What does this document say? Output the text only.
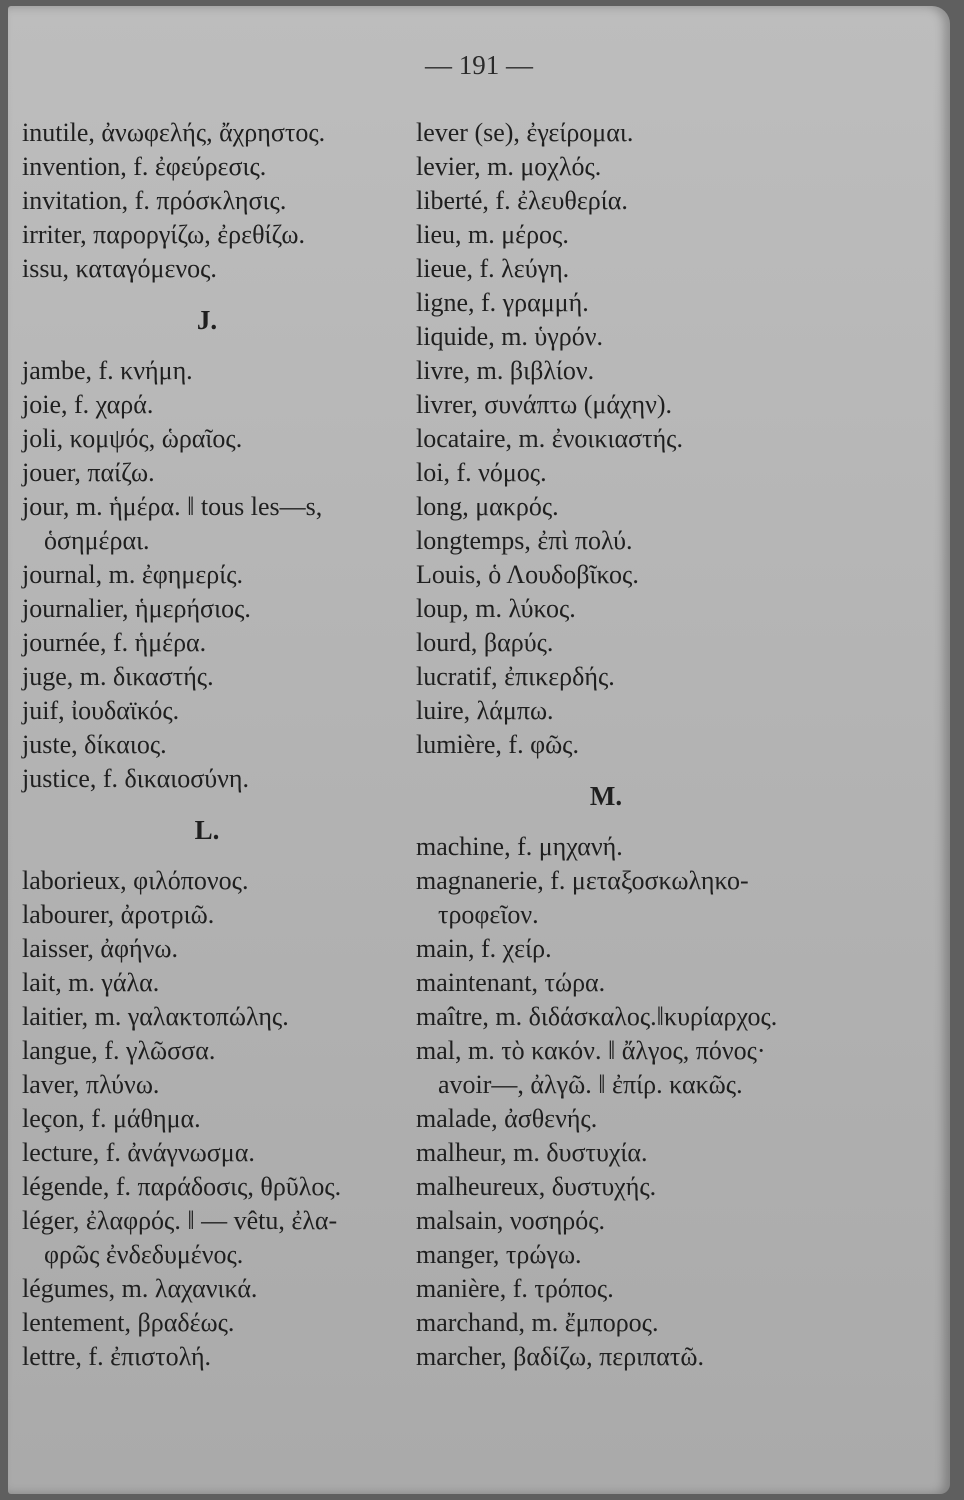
— 191 —
inutile, ἀνωφελής, ἄχρηστος.
invention, f. ἐφεύρεσις.
invitation, f. πρόσκλησις.
irriter, παροργίζω, ἐρεθίζω.
issu, καταγόμενος.
J.
jambe, f. κνήμη.
joie, f. χαρά.
joli, κομψός, ὡραῖος.
jouer, παίζω.
jour, m. ἡμέρα. ‖ tous les—s,
ὁσημέραι.
journal, m. ἐφημερίς.
journalier, ἡμερήσιος.
journée, f. ἡμέρα.
juge, m. δικαστής.
juif, ἰουδαϊκός.
juste, δίκαιος.
justice, f. δικαιοσύνη.
L.
laborieux, φιλόπονος.
labourer, ἀροτριῶ.
laisser, ἀφήνω.
lait, m. γάλα.
laitier, m. γαλακτοπώλης.
langue, f. γλῶσσα.
laver, πλύνω.
leçon, f. μάθημα.
lecture, f. ἀνάγνωσμα.
légende, f. παράδοσις, θρῦλος.
léger, ἐλαφρός. ‖ — vêtu, ἐλα-
φρῶς ἐνδεδυμένος.
légumes, m. λαχανικά.
lentement, βραδέως.
lettre, f. ἐπιστολή.
lever (se), ἐγείρομαι.
levier, m. μοχλός.
liberté, f. ἐλευθερία.
lieu, m. μέρος.
lieue, f. λεύγη.
ligne, f. γραμμή.
liquide, m. ὑγρόν.
livre, m. βιβλίον.
livrer, συνάπτω (μάχην).
locataire, m. ἐνοικιαστής.
loi, f. νόμος.
long, μακρός.
longtemps, ἐπὶ πολύ.
Louis, ὁ Λουδοβῖκος.
loup, m. λύκος.
lourd, βαρύς.
lucratif, ἐπικερδής.
luire, λάμπω.
lumière, f. φῶς.
M.
machine, f. μηχανή.
magnanerie, f. μεταξοσκωληκο-
τροφεῖον.
main, f. χείρ.
maintenant, τώρα.
maître, m. διδάσκαλος.‖κυρίαρχος.
mal, m. τὸ κακόν. ‖ ἄλγος, πόνος·
avoir—, ἀλγῶ. ‖ ἐπίρ. κακῶς.
malade, ἀσθενής.
malheur, m. δυστυχία.
malheureux, δυστυχής.
malsain, νοσηρός.
manger, τρώγω.
manière, f. τρόπος.
marchand, m. ἔμπορος.
marcher, βαδίζω, περιπατῶ.
